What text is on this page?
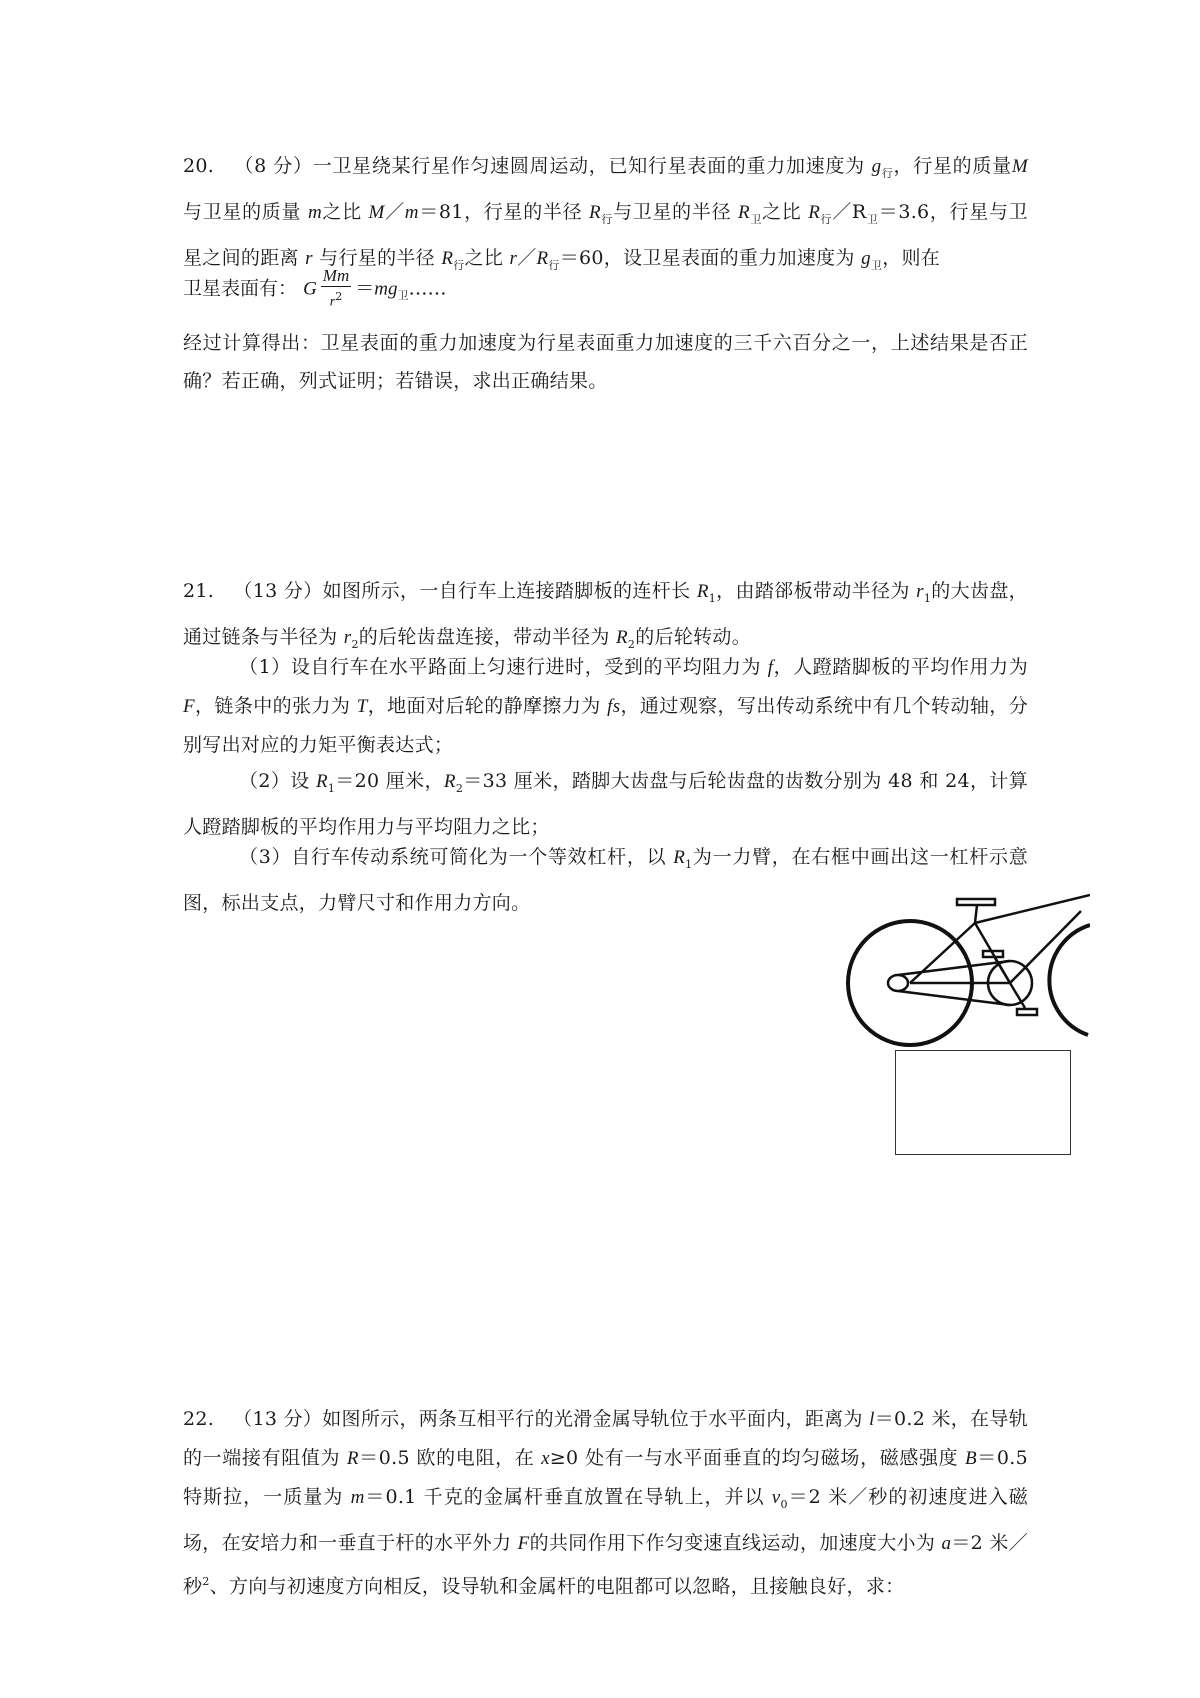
20. （8 分）一卫星绕某行星作匀速圆周运动，已知行星表面的重力加速度为 $g_行$，行星的质量M与卫星的质量 m之比 M／m＝81，行星的半径 $R_行$与卫星的半径 $R_卫$之比 $R_行/R_卫=3.6$，行星与卫星之间的距离 r 与行星的半径 $R_行$之比 $r/R_行=60$，设卫星表面的重力加速度为 $g_卫$，则在
卫星表面有： G $\frac{Mm}{r^2}$ $=mg_卫\dots\dots$
经过计算得出：卫星表面的重力加速度为行星表面重力加速度的三千六百分之一，上述结果是否正确？若正确，列式证明；若错误，求出正确结果。
21. （13 分）如图所示，一自行车上连接踏脚板的连杆长 $R_1$，由踏郤板带动半径为 $r_1$的大齿盘，通过链条与半径为 $r_2$的后轮齿盘连接，带动半径为 $R_2$的后轮转动。
（1）设自行车在水平路面上匀速行进时，受到的平均阻力为 f，人蹬踏脚板的平均作用力为 F，链条中的张力为 T，地面对后轮的静摩擦力为 fs，通过观察，写出传动系统中有几个转动轴，分别写出对应的力矩平衡表达式；
（2）设 $R_1=20$ 厘米，$R_2=33$ 厘米，踏脚大齿盘与后轮齿盘的齿数分别为 48 和 24，计算人蹬踏脚板的平均作用力与平均阻力之比；
（3）自行车传动系统可简化为一个等效杠杆，以 $R_1$为一力臂，在右框中画出这一杠杆示意图，标出支点，力臂尺寸和作用力方向。
22. （13 分）如图所示，两条互相平行的光滑金属导轨位于水平面内，距离为 l＝0.2 米，在导轨的一端接有阻值为 R＝0.5 欧的电阻，在 x≥0 处有一与水平面垂直的均匀磁场，磁感强度 B＝0.5 特斯拉，一质量为 m＝0.1 千克的金属杆垂直放置在导轨上，并以 $v_0=2$ 米／秒的初速度进入磁场，在安培力和一垂直于杆的水平外力 F的共同作用下作匀变速直线运动，加速度大小为 a＝2 米／秒$^2$、方向与初速度方向相反，设导轨和金属杆的电阻都可以忽略，且接触良好，求：
